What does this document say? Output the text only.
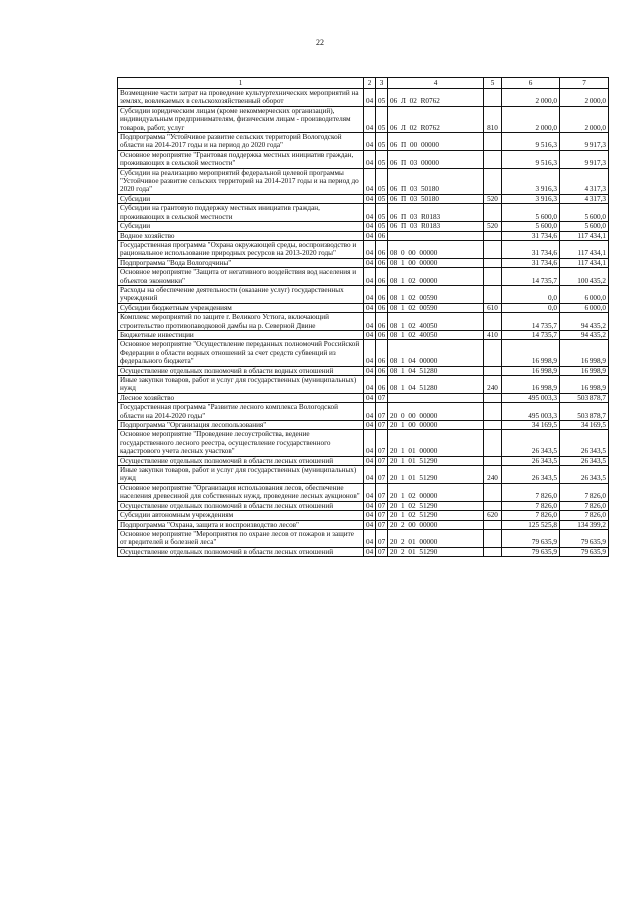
22
1	2	3	4	5	6	7
Возмещение части затрат на проведение культуртехнических мероприятий на землях, вовлекаемых в сельскохозяйственный оборот	04	05	06 Л 02 R0762		2 000,0	2 000,0
Субсидии юридическим лицам (кроме некоммерческих организаций), индивидуальным предпринимателям, физическим лицам - производителям товаров, работ, услуг	04	05	06 Л 02 R0762	810	2 000,0	2 000,0
Подпрограмма "Устойчивое развитие сельских территорий Вологодской области на 2014-2017 годы и на период до 2020 года"	04	05	06 П 00 00000		9 516,3	9 917,3
Основное мероприятие "Грантовая поддержка местных инициатив граждан, проживающих в сельской местности"	04	05	06 П 03 00000		9 516,3	9 917,3
Субсидии на реализацию мероприятий федеральной целевой программы "Устойчивое развитие сельских территорий на 2014-2017 годы и на период до 2020 года"	04	05	06 П 03 50180		3 916,3	4 317,3
Субсидии	04	05	06 П 03 50180	520	3 916,3	4 317,3
Субсидии на грантовую поддержку местных инициатив граждан, проживающих в сельской местности	04	05	06 П 03 R0183		5 600,0	5 600,0
Субсидии	04	05	06 П 03 R0183	520	5 600,0	5 600,0
Водное хозяйство	04	06			31 734,6	117 434,1
Государственная программа "Охрана окружающей среды, воспроизводство и рациональное использование природных ресурсов на 2013-2020 годы"	04	06	08 0 00 00000		31 734,6	117 434,1
Подпрограмма "Вода Вологодчины"	04	06	08 1 00 00000		31 734,6	117 434,1
Основное мероприятие "Защита от негативного воздействия вод населения и объектов экономики"	04	06	08 1 02 00000		14 735,7	100 435,2
Расходы на обеспечение деятельности (оказание услуг) государственных учреждений	04	06	08 1 02 00590		0,0	6 000,0
Субсидии бюджетным учреждениям	04	06	08 1 02 00590	610	0,0	6 000,0
Комплекс мероприятий по защите г. Великого Устюга, включающий строительство противопаводковой дамбы на р. Северной Двине	04	06	08 1 02 40050		14 735,7	94 435,2
Бюджетные инвестиции	04	06	08 1 02 40050	410	14 735,7	94 435,2
Основное мероприятие "Осуществление переданных полномочий Российской Федерации в области водных отношений за счет средств субвенций из федерального бюджета"	04	06	08 1 04 00000		16 998,9	16 998,9
Осуществление отдельных полномочий в области водных отношений	04	06	08 1 04 51280		16 998,9	16 998,9
Иные закупки товаров, работ и услуг для государственных (муниципальных) нужд	04	06	08 1 04 51280	240	16 998,9	16 998,9
Лесное хозяйство	04	07			495 003,3	503 878,7
Государственная программа "Развитие лесного комплекса Вологодской области на 2014-2020 годы"	04	07	20 0 00 00000		495 003,3	503 878,7
Подпрограмма "Организация лесопользования"	04	07	20 1 00 00000		34 169,5	34 169,5
Основное мероприятие "Проведение лесоустройства, ведение государственного лесного реестра, осуществление государственного кадастрового учета лесных участков"	04	07	20 1 01 00000		26 343,5	26 343,5
Осуществление отдельных полномочий в области лесных отношений	04	07	20 1 01 51290		26 343,5	26 343,5
Иные закупки товаров, работ и услуг для государственных (муниципальных) нужд	04	07	20 1 01 51290	240	26 343,5	26 343,5
Основное мероприятие "Организация использования лесов, обеспечение населения древесиной для собственных нужд, проведение лесных аукционов"	04	07	20 1 02 00000		7 826,0	7 826,0
Осуществление отдельных полномочий в области лесных отношений	04	07	20 1 02 51290		7 826,0	7 826,0
Субсидии автономным учреждениям	04	07	20 1 02 51290	620	7 826,0	7 826,0
Подпрограмма "Охрана, защита и воспроизводство лесов"	04	07	20 2 00 00000		125 525,8	134 399,2
Основное мероприятие "Мероприятия по охране лесов от пожаров и защите от вредителей и болезней леса"	04	07	20 2 01 00000		79 635,9	79 635,9
Осуществление отдельных полномочий в области лесных отношений	04	07	20 2 01 51290		79 635,9	79 635,9
